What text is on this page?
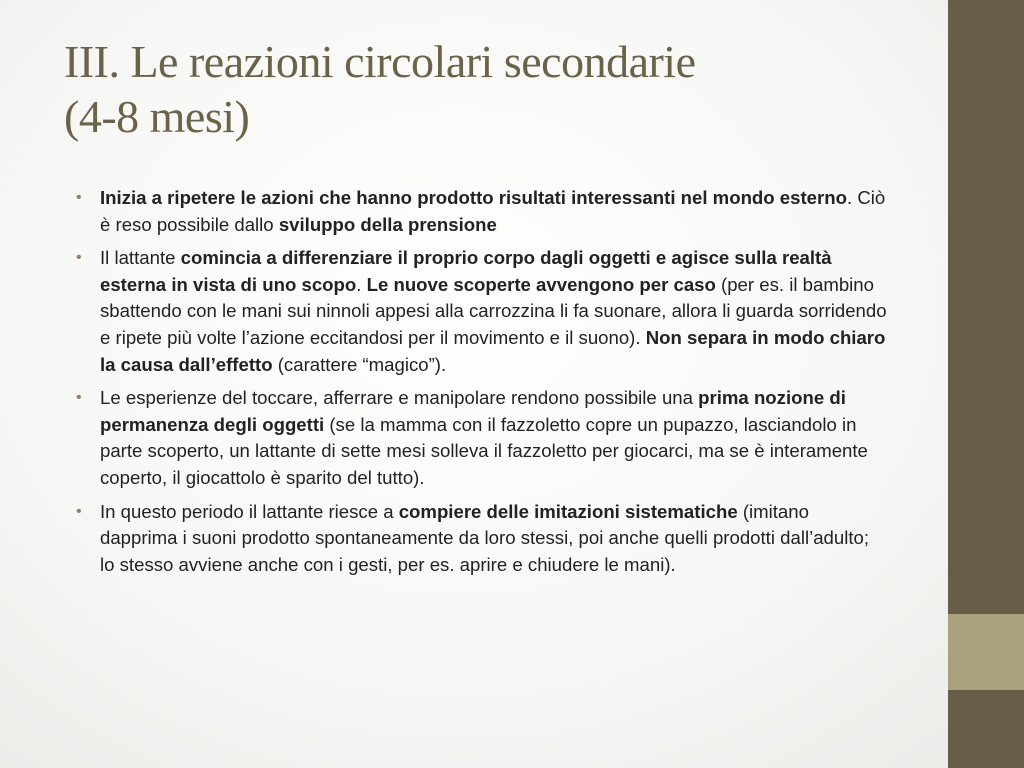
III. Le reazioni circolari secondarie
(4-8 mesi)
• Inizia a ripetere le azioni che hanno prodotto risultati interessanti nel mondo esterno. Ciò è reso possibile dallo sviluppo della prensione
• Il lattante comincia a differenziare il proprio corpo dagli oggetti e agisce sulla realtà esterna in vista di uno scopo. Le nuove scoperte avvengono per caso (per es. il bambino sbattendo con le mani sui ninnoli appesi alla carrozzina li fa suonare, allora li guarda sorridendo e ripete più volte l’azione eccitandosi per il movimento e il suono). Non separa in modo chiaro la causa dall’effetto (carattere “magico”).
• Le esperienze del toccare, afferrare e manipolare rendono possibile una prima nozione di permanenza degli oggetti (se la mamma con il fazzoletto copre un pupazzo, lasciandolo in parte scoperto, un lattante di sette mesi solleva il fazzoletto per giocarci, ma se è interamente coperto, il giocattolo è sparito del tutto).
• In questo periodo il lattante riesce a compiere delle imitazioni sistematiche (imitano dapprima i suoni prodotto spontaneamente da loro stessi, poi anche quelli prodotti dall’adulto; lo stesso avviene anche con i gesti, per es. aprire e chiudere le mani).
